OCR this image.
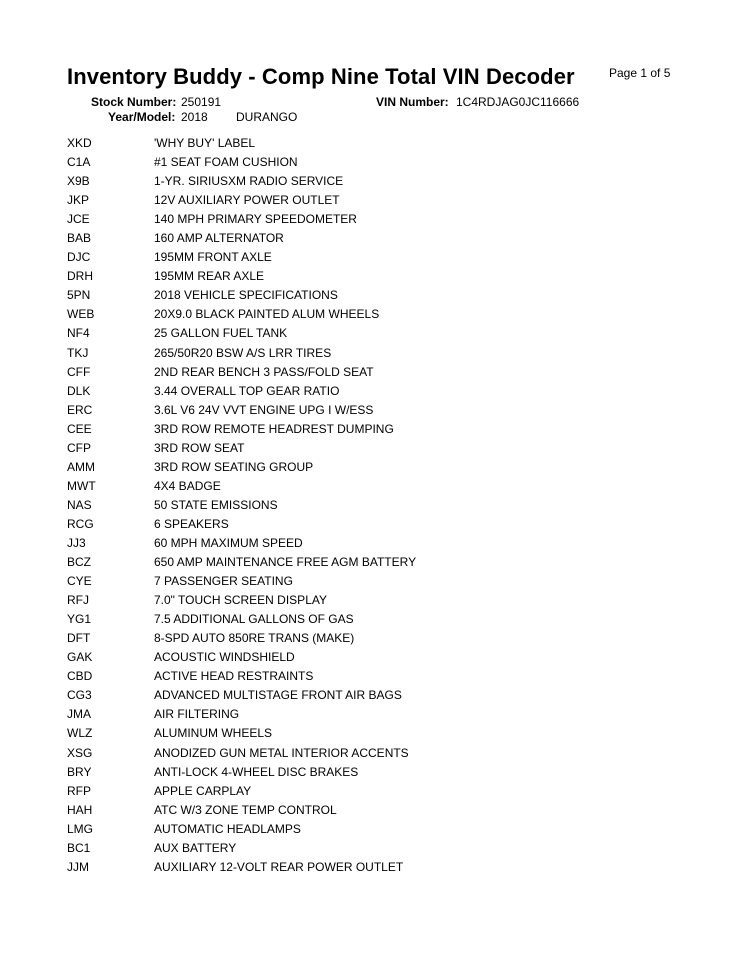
Inventory Buddy - Comp Nine Total VIN Decoder	Page 1 of 5
Stock Number: 250191	VIN Number: 1C4RDJAG0JC116666
Year/Model: 2018 DURANGO
XKD	'WHY BUY' LABEL
C1A	#1 SEAT FOAM CUSHION
X9B	1-YR. SIRIUSXM RADIO SERVICE
JKP	12V AUXILIARY POWER OUTLET
JCE	140 MPH PRIMARY SPEEDOMETER
BAB	160 AMP ALTERNATOR
DJC	195MM FRONT AXLE
DRH	195MM REAR AXLE
5PN	2018 VEHICLE SPECIFICATIONS
WEB	20X9.0 BLACK PAINTED ALUM WHEELS
NF4	25 GALLON FUEL TANK
TKJ	265/50R20 BSW A/S LRR TIRES
CFF	2ND REAR BENCH 3 PASS/FOLD SEAT
DLK	3.44 OVERALL TOP GEAR RATIO
ERC	3.6L V6 24V VVT ENGINE UPG I W/ESS
CEE	3RD ROW REMOTE HEADREST DUMPING
CFP	3RD ROW SEAT
AMM	3RD ROW SEATING GROUP
MWT	4X4 BADGE
NAS	50 STATE EMISSIONS
RCG	6 SPEAKERS
JJ3	60 MPH MAXIMUM SPEED
BCZ	650 AMP MAINTENANCE FREE AGM BATTERY
CYE	7 PASSENGER SEATING
RFJ	7.0" TOUCH SCREEN DISPLAY
YG1	7.5 ADDITIONAL GALLONS OF GAS
DFT	8-SPD AUTO 850RE TRANS (MAKE)
GAK	ACOUSTIC WINDSHIELD
CBD	ACTIVE HEAD RESTRAINTS
CG3	ADVANCED MULTISTAGE FRONT AIR BAGS
JMA	AIR FILTERING
WLZ	ALUMINUM WHEELS
XSG	ANODIZED GUN METAL INTERIOR ACCENTS
BRY	ANTI-LOCK 4-WHEEL DISC BRAKES
RFP	APPLE CARPLAY
HAH	ATC W/3 ZONE TEMP CONTROL
LMG	AUTOMATIC HEADLAMPS
BC1	AUX BATTERY
JJM	AUXILIARY 12-VOLT REAR POWER OUTLET
